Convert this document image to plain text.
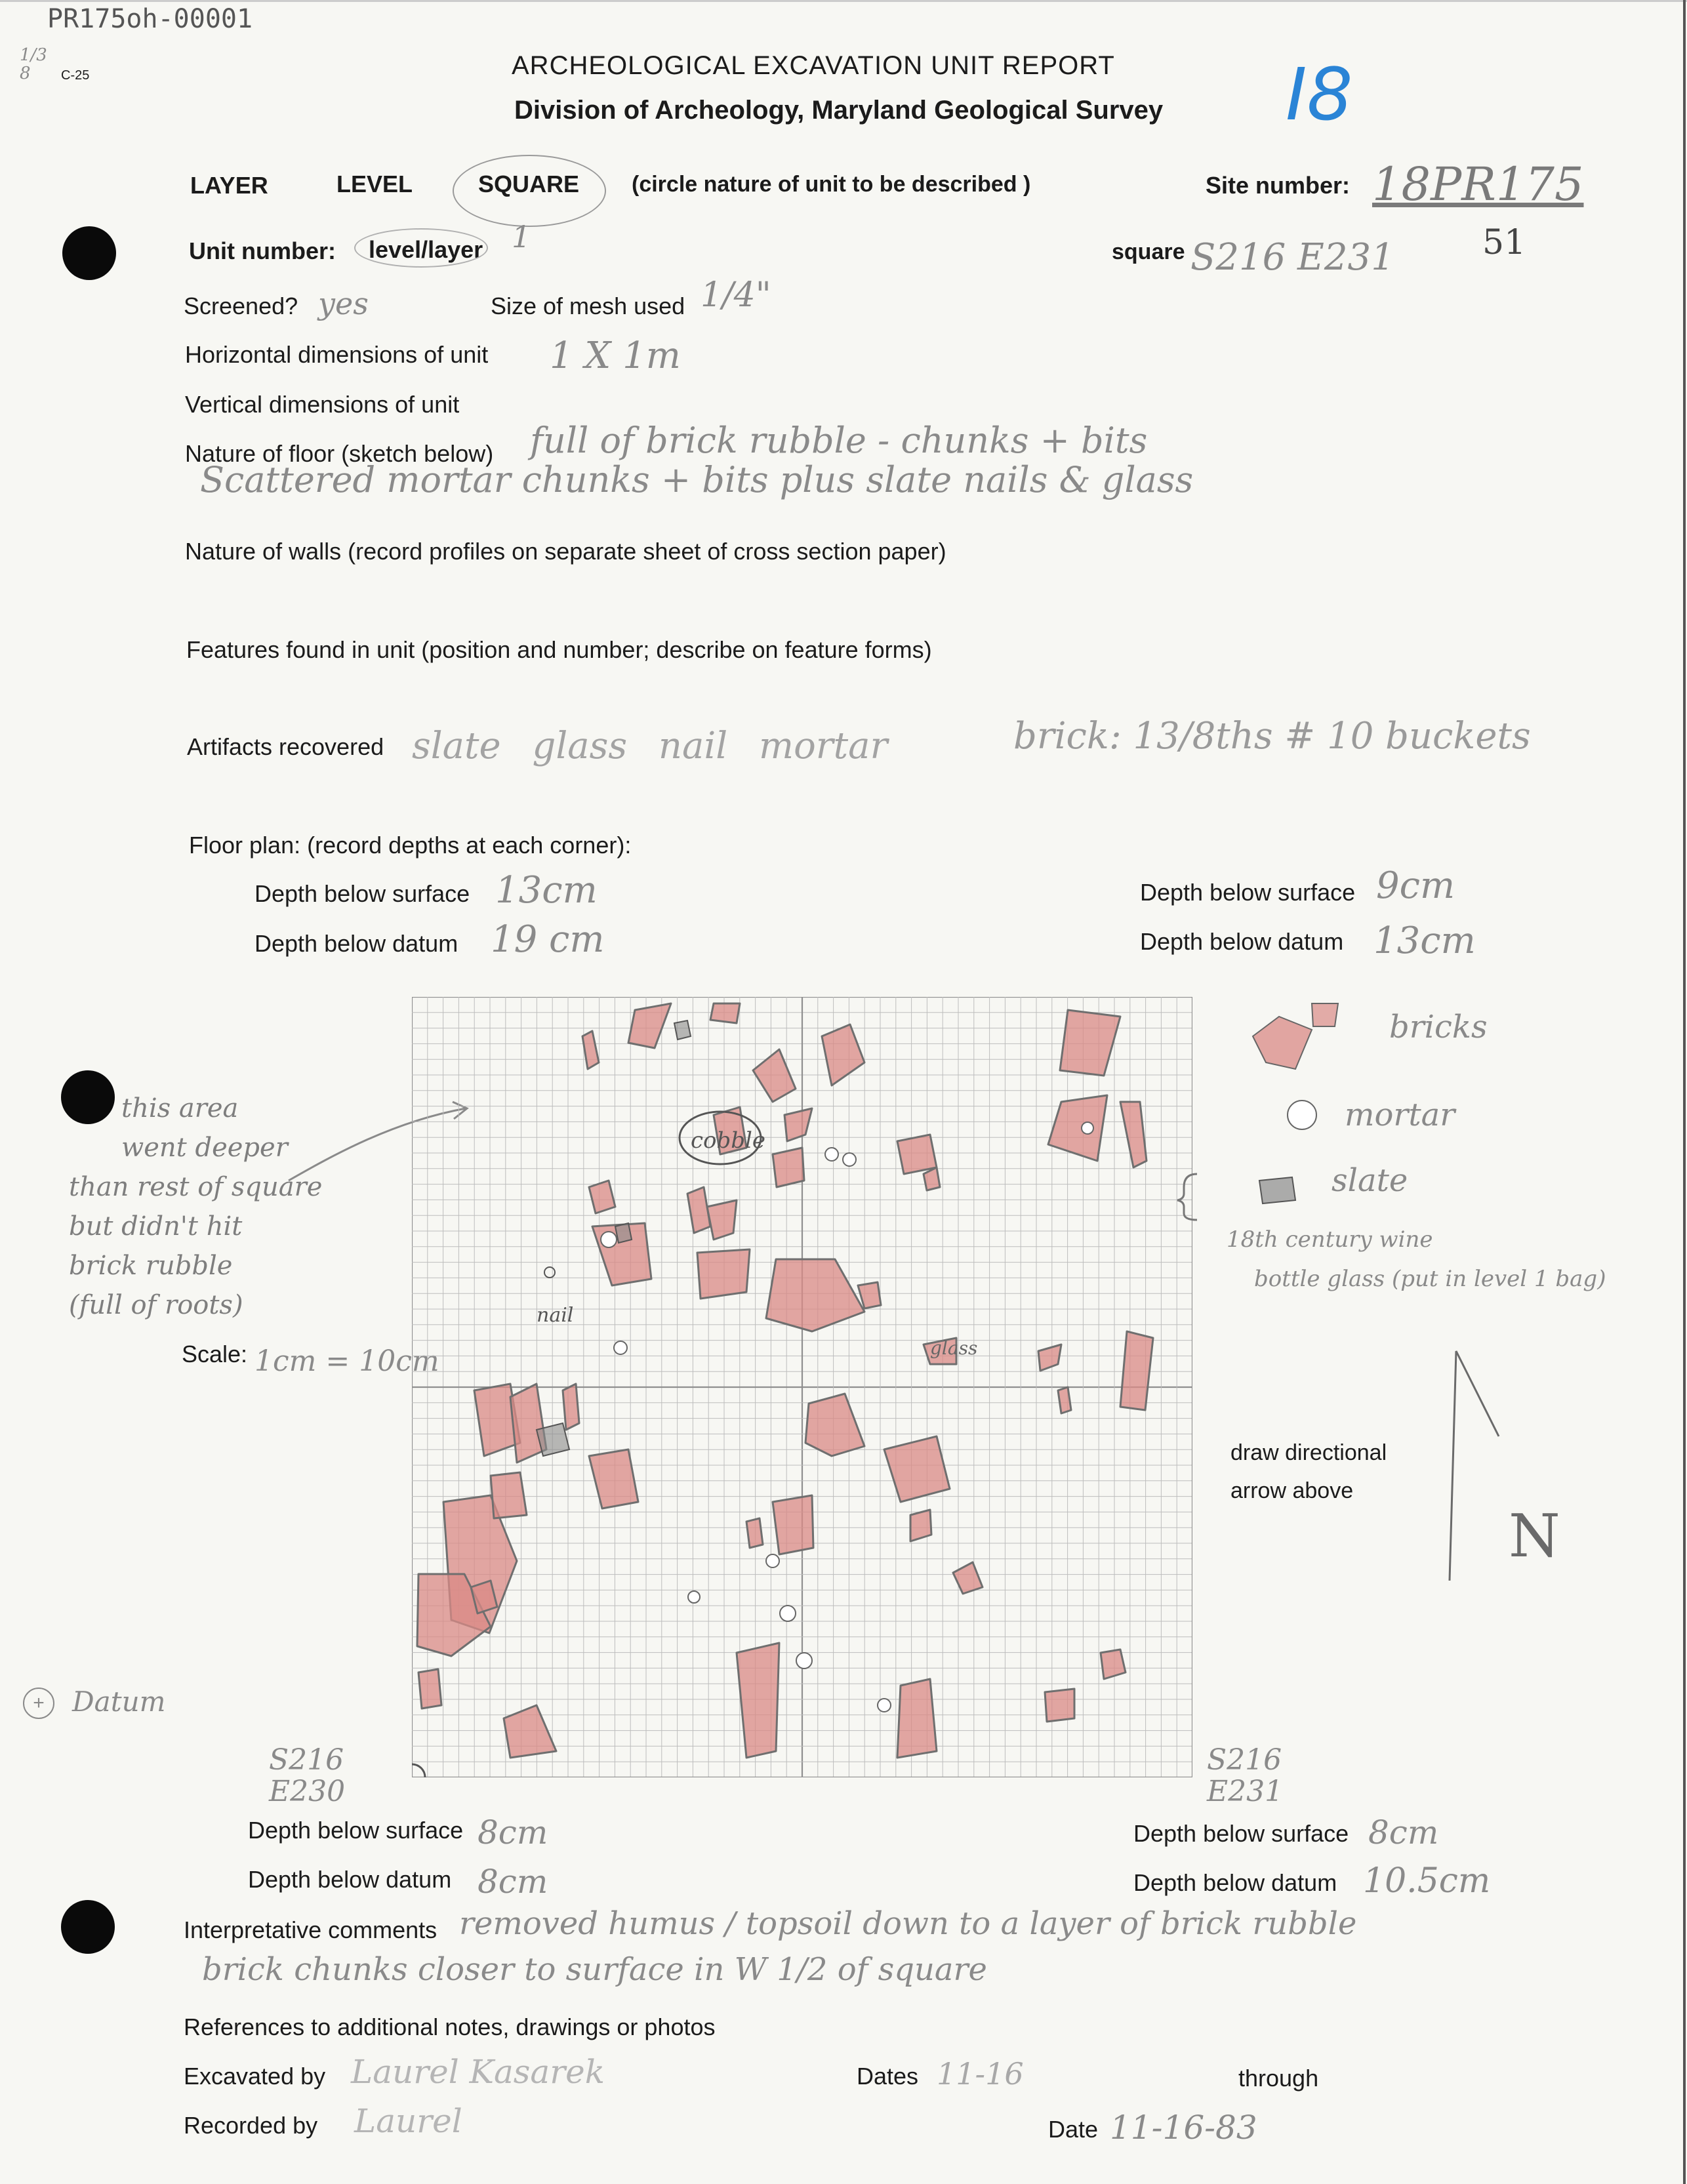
PR175oh-00001
C-25
1/3 8	I8
ARCHEOLOGICAL EXCAVATION UNIT REPORT
Division of Archeology, Maryland Geological Survey
LAYER	LEVEL	SQUARE (circle nature of unit to be described )	Site number: 18PR175
Unit number: level/layer 1	square S216 E231	51
Screened? yes	Size of mesh used 1/4"
Horizontal dimensions of unit 1 X 1m
Vertical dimensions of unit
Nature of floor (sketch below) full of brick rubble - chunks + bits
Scattered mortar chunks + bits plus slate nails & glass
Nature of walls (record profiles on separate sheet of cross section paper)
Features found in unit (position and number; describe on feature forms)
Artifacts recovered slate glass nail mortar	brick: 13/8ths # 10 buckets
Floor plan: (record depths at each corner):
Depth below surface 13cm
Depth below datum 19 cm
Depth below surface 9cm
Depth below datum 13cm
this area
went deeper
than rest of square
but didn't hit
brick rubble
(full of roots)
Scale: 1cm = 10cm
+	Datum
cobble
nail
glass
S216
E230
S216
E231
bricks
mortar
slate
18th century wine
bottle glass (put in level 1 bag)
draw directional
arrow above
N
Depth below surface 8cm
Depth below datum 8cm
Depth below surface 8cm
Depth below datum 10.5cm
Interpretative comments removed humus / topsoil down to a layer of brick rubble
brick chunks closer to surface in W 1/2 of square
References to additional notes, drawings or photos
Excavated by Laurel Kasarek	Dates 11-16	through
Recorded by Laurel	Date 11-16-83
